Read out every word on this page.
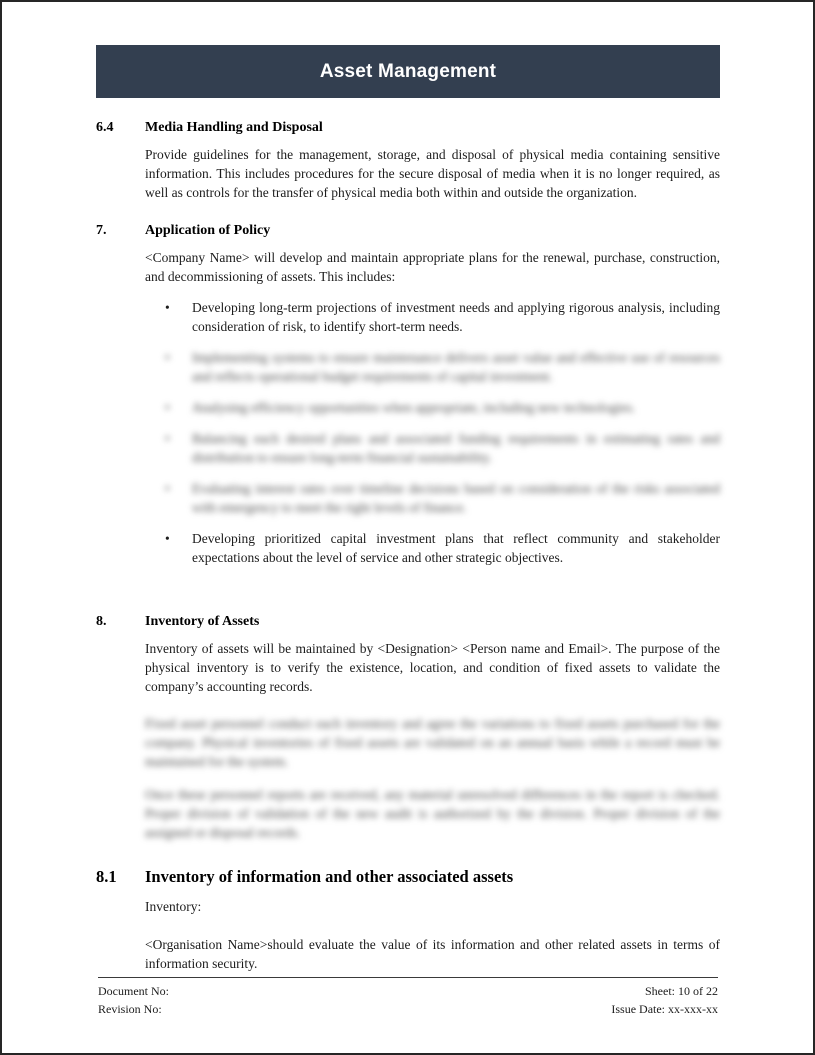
Asset Management
6.4	Media Handling and Disposal
Provide guidelines for the management, storage, and disposal of physical media containing sensitive information. This includes procedures for the secure disposal of media when it is no longer required, as well as controls for the transfer of physical media both within and outside the organization.
7.	Application of Policy
<Company Name> will develop and maintain appropriate plans for the renewal, purchase, construction, and decommissioning of assets. This includes:
•	Developing long-term projections of investment needs and applying rigorous analysis, including consideration of risk, to identify short-term needs.
•	Implementing systems to ensure maintenance delivers asset value and effective use of resources and reflects operational budget requirements of capital investment.
•	Analysing efficiency opportunities when appropriate, including new technologies.
•	Balancing each desired plans and associated funding requirements in estimating rates and distribution to ensure long-term financial sustainability.
•	Evaluating interest rates over timeline decisions based on consideration of the risks associated with emergency to meet the right levels of finance.
•	Developing prioritized capital investment plans that reflect community and stakeholder expectations about the level of service and other strategic objectives.
8.	Inventory of Assets
Inventory of assets will be maintained by <Designation> <Person name and Email>. The purpose of the physical inventory is to verify the existence, location, and condition of fixed assets to validate the company’s accounting records.
Fixed asset personnel conduct each inventory and agree the variations to fixed assets purchased for the company. Physical inventories of fixed assets are validated on an annual basis while a record must be maintained for the system.
Once these personnel reports are received, any material unresolved differences in the report is checked. Proper division of validation of the new audit is authorized by the division. Proper division of the assigned or disposal records.
8.1	Inventory of information and other associated assets
Inventory:
<Organisation Name>should evaluate the value of its information and other related assets in terms of information security.
Document No:
Revision No:
Sheet: 10 of 22
Issue Date: xx-xxx-xx
